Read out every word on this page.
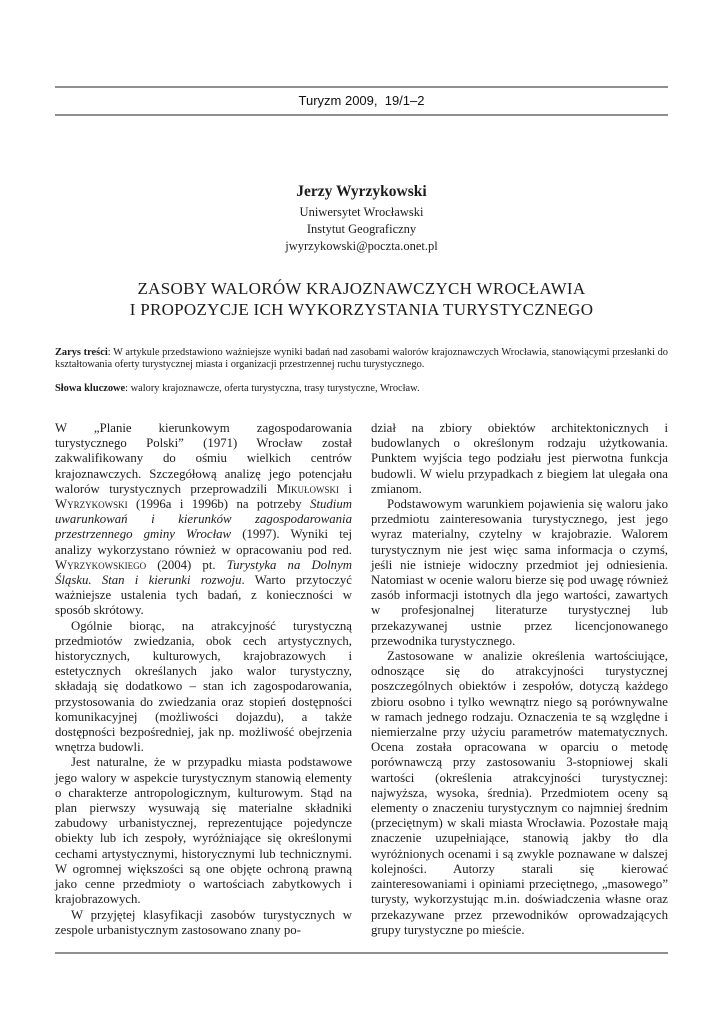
Turyzm 2009,  19/1–2
Jerzy Wyrzykowski
Uniwersytet Wrocławski
Instytut Geograficzny
jwyrzykowski@poczta.onet.pl
ZASOBY WALORÓW KRAJOZNAWCZYCH WROCŁAWIA
I PROPOZYCJE ICH WYKORZYSTANIA TURYSTYCZNEGO
Zarys treści: W artykule przedstawiono ważniejsze wyniki badań nad zasobami walorów krajoznawczych Wrocławia, stanowiącymi przesłanki do kształtowania oferty turystycznej miasta i organizacji przestrzennej ruchu turystycznego.
Słowa kluczowe: walory krajoznawcze, oferta turystyczna, trasy turystyczne, Wrocław.

W „Planie kierunkowym zagospodarowania turystycznego Polski” (1971) Wrocław został zakwalifikowany do ośmiu wielkich centrów krajoznawczych. Szczegółową analizę jego potencjału walorów turystycznych przeprowadzili Mikułowski i Wyrzykowski (1996a i 1996b) na potrzeby Studium uwarunkowań i kierunków zagospodarowania przestrzennego gminy Wrocław (1997). Wyniki tej analizy wykorzystano również w opracowaniu pod red. Wyrzykowskiego (2004) pt. Turystyka na Dolnym Śląsku. Stan i kierunki rozwoju. Warto przytoczyć ważniejsze ustalenia tych badań, z konieczności w sposób skrótowy.

Ogólnie biorąc, na atrakcyjność turystyczną przedmiotów zwiedzania, obok cech artystycznych, historycznych, kulturowych, krajobrazowych i estetycznych określanych jako walor turystyczny, składają się dodatkowo – stan ich zagospodarowania, przystosowania do zwiedzania oraz stopień dostępności komunikacyjnej (możliwości dojazdu), a także dostępności bezpośredniej, jak np. możliwość obejrzenia wnętrza budowli.

Jest naturalne, że w przypadku miasta podstawowe jego walory w aspekcie turystycznym stanowią elementy o charakterze antropologicznym, kulturowym. Stąd na plan pierwszy wysuwają się materialne składniki zabudowy urbanistycznej, reprezentujące pojedyncze obiekty lub ich zespoły, wyróżniające się określonymi cechami artystycznymi, historycznymi lub technicznymi. W ogromnej większości są one objęte ochroną prawną jako cenne przedmioty o wartościach zabytkowych i krajobrazowych.

W przyjętej klasyfikacji zasobów turystycznych w zespole urbanistycznym zastosowano znany po-

dział na zbiory obiektów architektonicznych i budowlanych o określonym rodzaju użytkowania. Punktem wyjścia tego podziału jest pierwotna funkcja budowli. W wielu przypadkach z biegiem lat ulegała ona zmianom.

Podstawowym warunkiem pojawienia się waloru jako przedmiotu zainteresowania turystycznego, jest jego wyraz materialny, czytelny w krajobrazie. Walorem turystycznym nie jest więc sama informacja o czymś, jeśli nie istnieje widoczny przedmiot jej odniesienia. Natomiast w ocenie waloru bierze się pod uwagę również zasób informacji istotnych dla jego wartości, zawartych w profesjonalnej literaturze turystycznej lub przekazywanej ustnie przez licencjonowanego przewodnika turystycznego.

Zastosowane w analizie określenia wartościujące, odnoszące się do atrakcyjności turystycznej poszczególnych obiektów i zespołów, dotyczą każdego zbioru osobno i tylko wewnątrz niego są porównywalne w ramach jednego rodzaju. Oznaczenia te są względne i niemierzalne przy użyciu parametrów matematycznych. Ocena została opracowana w oparciu o metodę porównawczą przy zastosowaniu 3-stopniowej skali wartości (określenia atrakcyjności turystycznej: najwyższa, wysoka, średnia). Przedmiotem oceny są elementy o znaczeniu turystycznym co najmniej średnim (przeciętnym) w skali miasta Wrocławia. Pozostałe mają znaczenie uzupełniające, stanowią jakby tło dla wyróżnionych ocenami i są zwykle poznawane w dalszej kolejności. Autorzy starali się kierować zainteresowaniami i opiniami przeciętnego, „masowego” turysty, wykorzystując m.in. doświadczenia własne oraz przekazywane przez przewodników oprowadzających grupy turystyczne po mieście.
